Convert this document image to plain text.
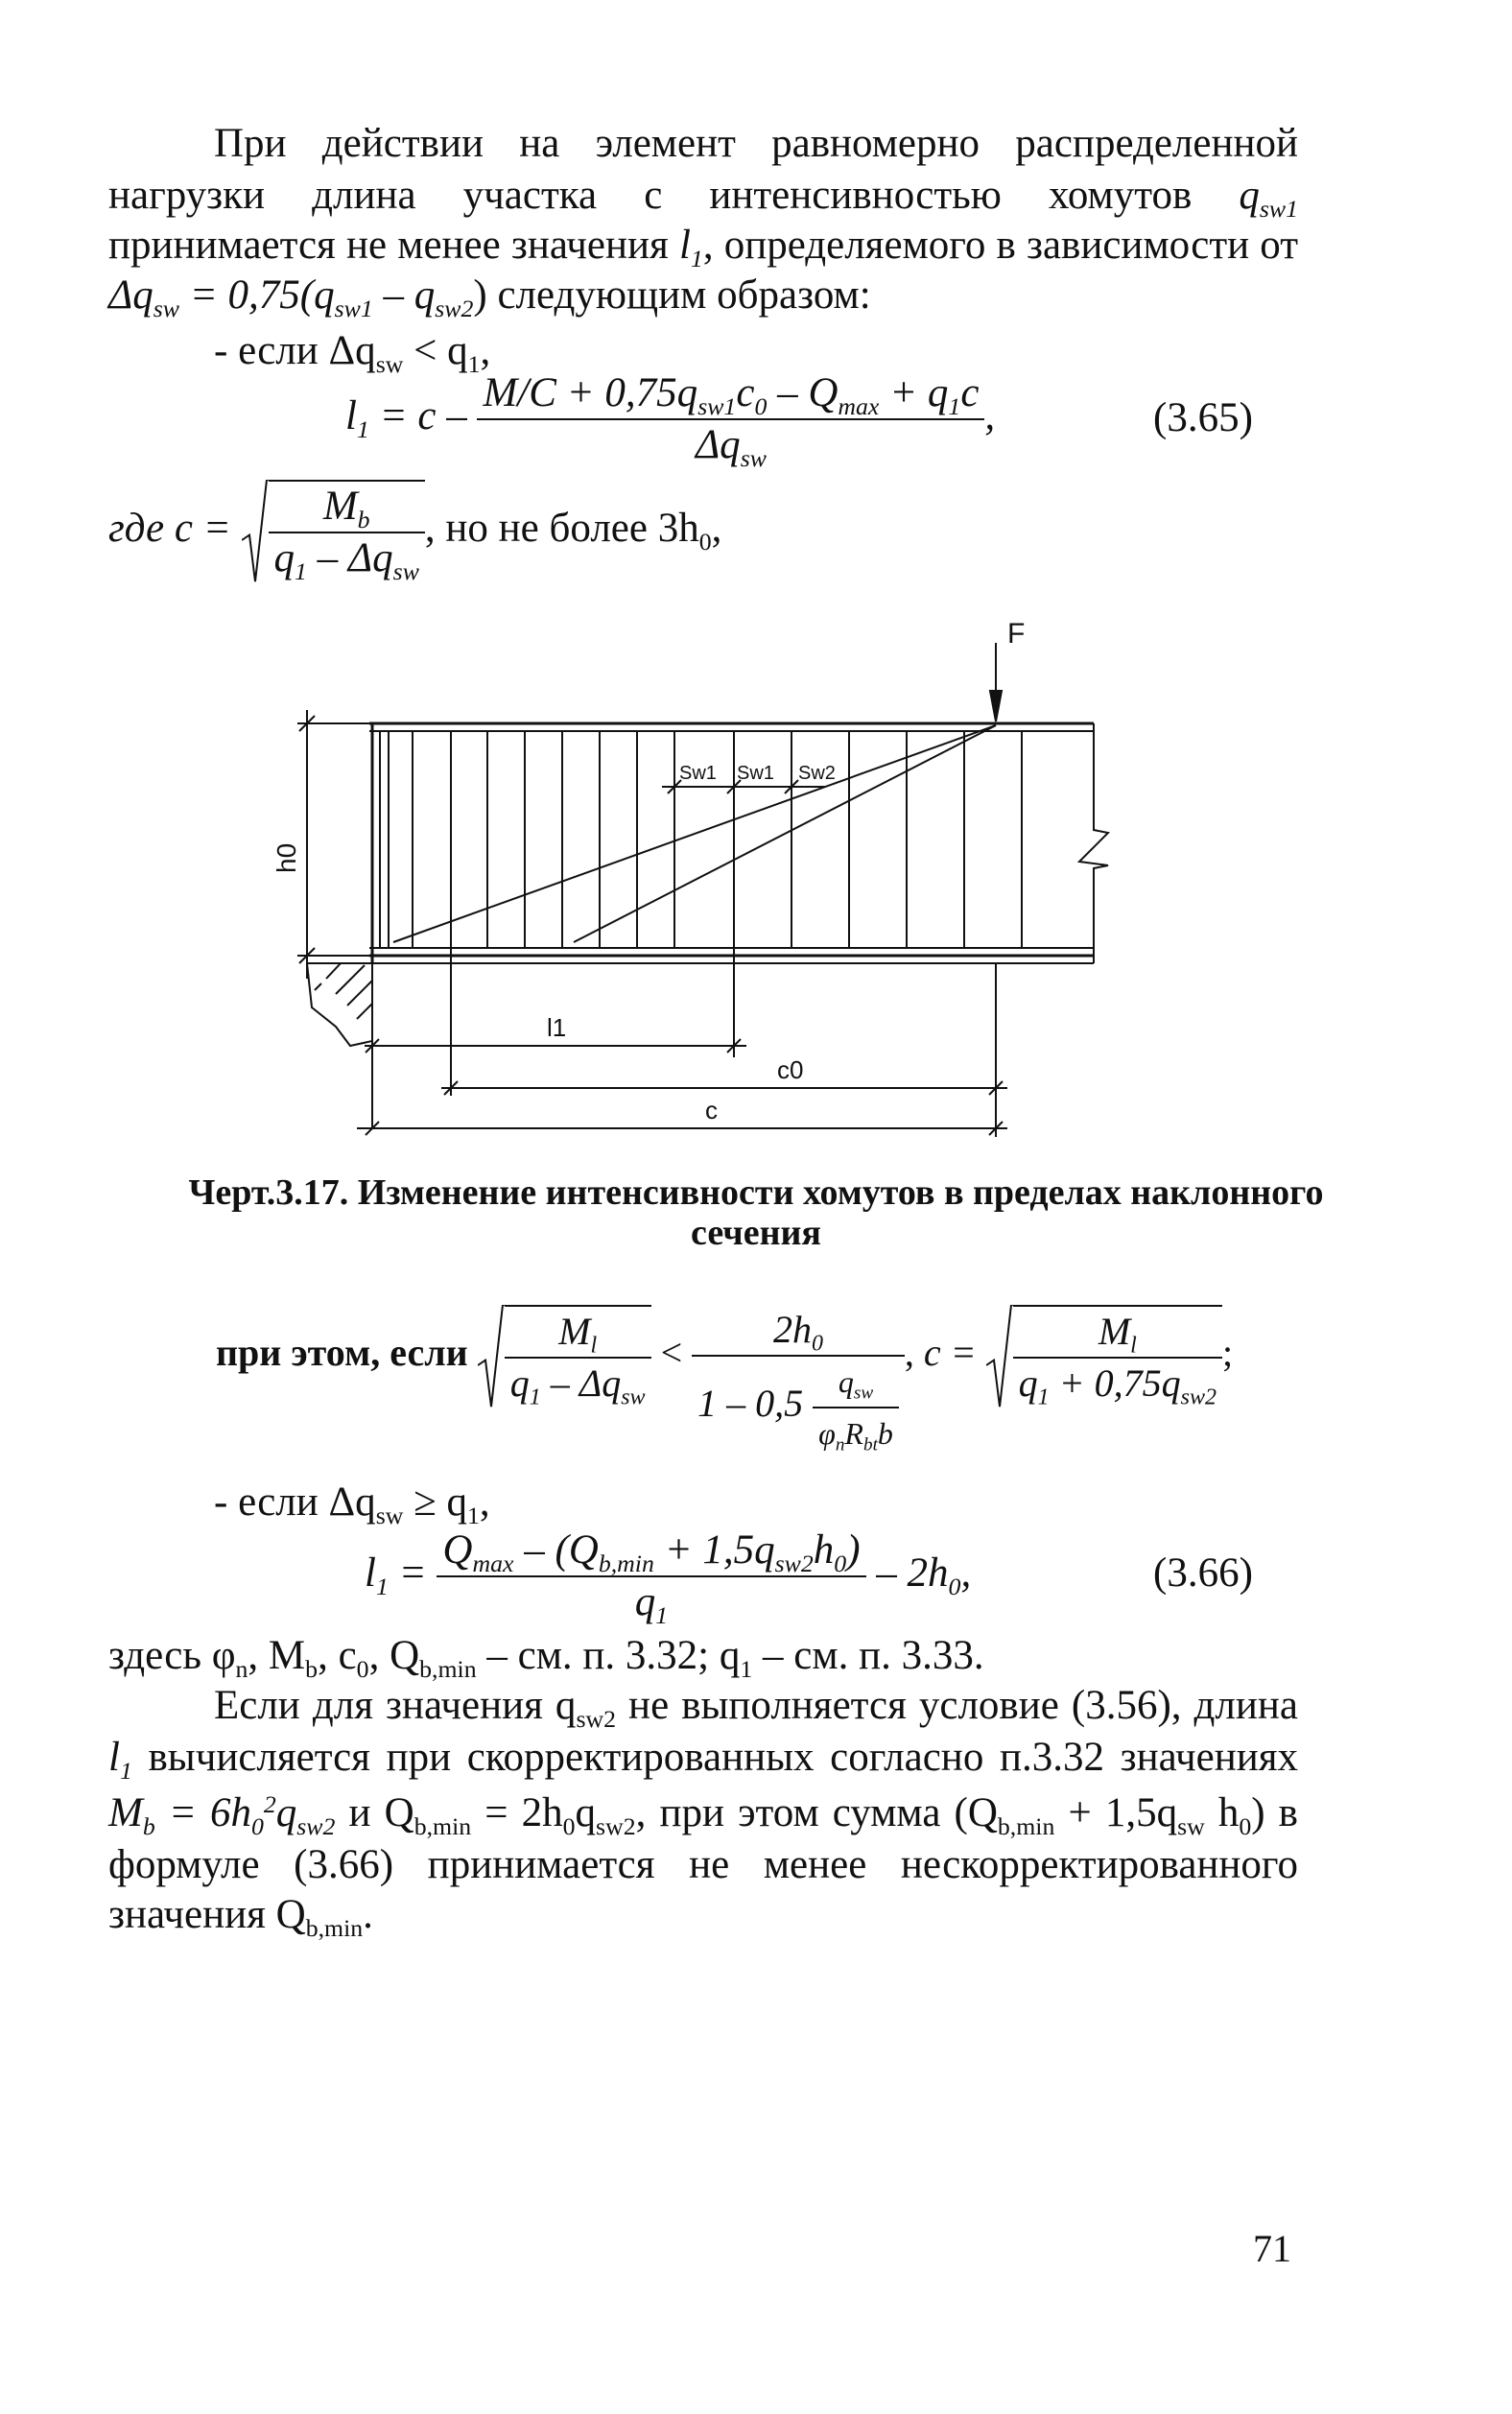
При действии на элемент равномерно распределенной
нагрузки длина участка с интенсивностью хомутов $q_{sw1}$
принимается не менее значения $l_1$, определяемого в зависимости от
$\Delta q_{sw} = 0,75(q_{sw1} - q_{sw2})$ следующим образом:
- если $\Delta q_{sw} < q_1$,
$l_1 = c - \frac{M/C + 0,75q_{sw1}c_0 - Q_{max} + q_1c}{\Delta q_{sw}}$ ,	(3.65)
где $c = \frac{M_b}{q_1 - \Delta q_{sw}}$ , но не более $3h_0$,
F
h0
Sw1 Sw1 Sw2
l1
c0
c
Черт.3.17. Изменение интенсивности хомутов в пределах наклонного
сечения
при этом, если $\frac{M_l}{q_1 - \Delta q_{sw}} < \frac{2h_0}{1 - 0,5 \frac{q_{sw}}{\varphi_nR_{bt}b}}$ , $c = \frac{M_l}{q_1 + 0,75q_{sw2}}$ ;
- если $\Delta q_{sw} \ge q_1$,
$l_1 = \frac{Q_{max} - (Q_{b,min} + 1,5q_{sw2}h_0)}{q_1} - 2h_0$,	(3.66)
здесь $\varphi_n$, $M_b$, $c_0$, $Q_{b,min}$ – см. п. 3.32; $q_1$ – см. п. 3.33.
Если для значения $q_{sw2}$ не выполняется условие (3.56), длина
$l_1$ вычисляется при скорректированных согласно п.3.32 значениях
$M_b = 6h_0^2q_{sw2}$ и $Q_{b,min} = 2h_0q_{sw2}$, при этом сумма ($Q_{b,min} + 1,5q_{sw}$ $h_0$) в
формуле (3.66) принимается не менее нескорректированного
значения $Q_{b,min}$.
71
